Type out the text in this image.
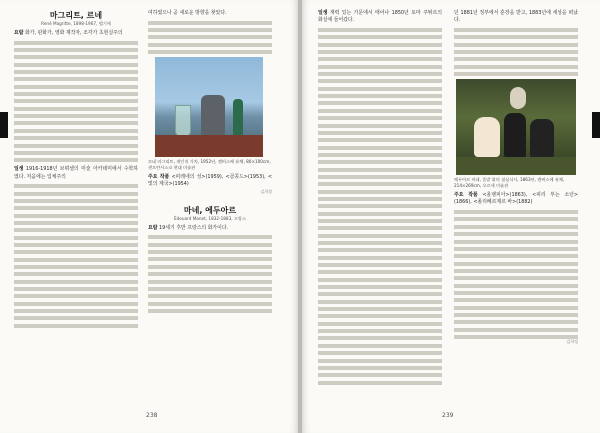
마그리트, 르네
René Magritte, 1898-1967, 벨기에

요람 화가, 판화가, 영화 제작자, 조각가 초현실주의

일생 1916-1918년 브뤼셀의 미술 아카데미에서 수학하였다. 처음에는 입체주의

여하였으나 곧 새로운 방향을 찾았다.

르네 마그리트, 개인적 가치, 1952년, 캔버스에 유채, 80×100cm, 샌프란시스코 현대 미술관

주요 작품 <피레네의 성>(1959), <골콩드>(1953), <빛의 제국>(1954)

김희정
마네, 에두아르
Édouard Manet, 1832-1883, 프랑스

요람 19세기 후반 프랑스의 화가이다.

238

일생 재력 있는 가문에서 태어나 1850년 토마 쿠튀르의 화실에 들어갔다.

던 1881년 정부에서 훈장을 받고, 1883년에 세상을 떠났다.

에두아르 마네, 풀밭 위의 점심식사, 1863년, 캔버스에 유채, 214×269cm, 오르세 미술관

주요 작품 <올랭피아>(1863), <피리 부는 소년>(1866), <폴리베르제르 바>(1882)

김희정
239
